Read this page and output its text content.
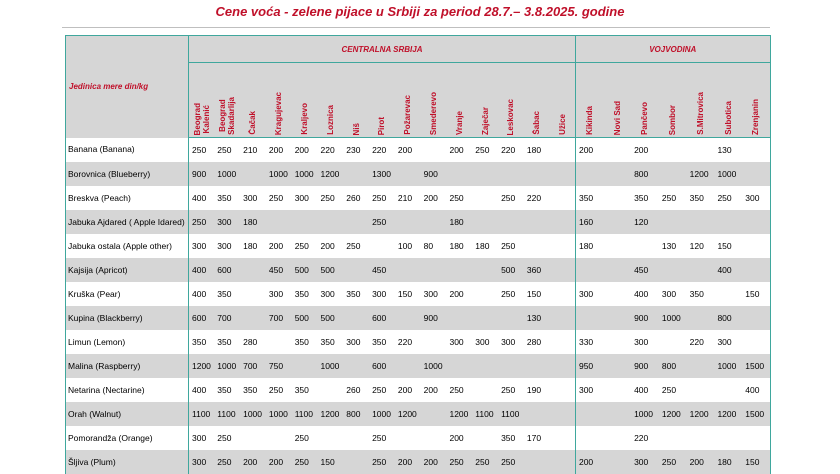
Cene voća - zelene pijace u Srbiji za period 28.7.– 3.8.2025. godine
Jedinica mere din/kg	CENTRALNA SRBIJA															VOJVODINA						

	Beograd Kalenić	Beograd Skadarlija	Čačak	Kragujevac	Kraljevo	Loznica	Niš	Pirot	Požarevac	Smederevo	Vranje	Zaječar	Leskovac	Šabac	Užice	Kikinda	Novi Sad	Pančevo	Sombor	S.Mitrovica	Subotica	Zrenjanin

Banana (Banana)	250	250	210	200	200	220	230	220	200		200	250	220	180		200		200			130	
Borovnica (Blueberry)	900	1000		1000	1000	1200		1300		900								800		1200	1000	
Breskva (Peach)	400	350	300	250	300	250	260	250	210	200	250		250	220		350		350	250	350	250	300
Jabuka Ajdared ( Apple Idared)	250	300	180					250			180					160		120				
Jabuka ostala (Apple other)	300	300	180	200	250	200	250		100	80	180	180	250			180			130	120	150	
Kajsija (Apricot)	400	600		450	500	500		450					500	360				450			400	
Kruška (Pear)	400	350		300	350	300	350	300	150	300	200		250	150		300		400	300	350		150
Kupina (Blackberry)	600	700		700	500	500		600		900				130				900	1000		800	
Limun (Lemon)	350	350	280		350	350	300	350	220		300	300	300	280		330		300		220	300	
Malina (Raspberry)	1200	1000	700	750		1000		600		1000						950		900	800		1000	1500
Netarina (Nectarine)	400	350	350	250	350		260	250	200	200	250		250	190		300		400	250			400
Orah (Walnut)	1100	1100	1000	1000	1100	1200	800	1000	1200		1200	1100	1100					1000	1200	1200	1200	1500
Pomorandža (Orange)	300	250			250			250			200		350	170				220				
Šljiva (Plum)	300	250	200	200	250	150		250	200	200	250	250	250			200		300	250	200	180	150
